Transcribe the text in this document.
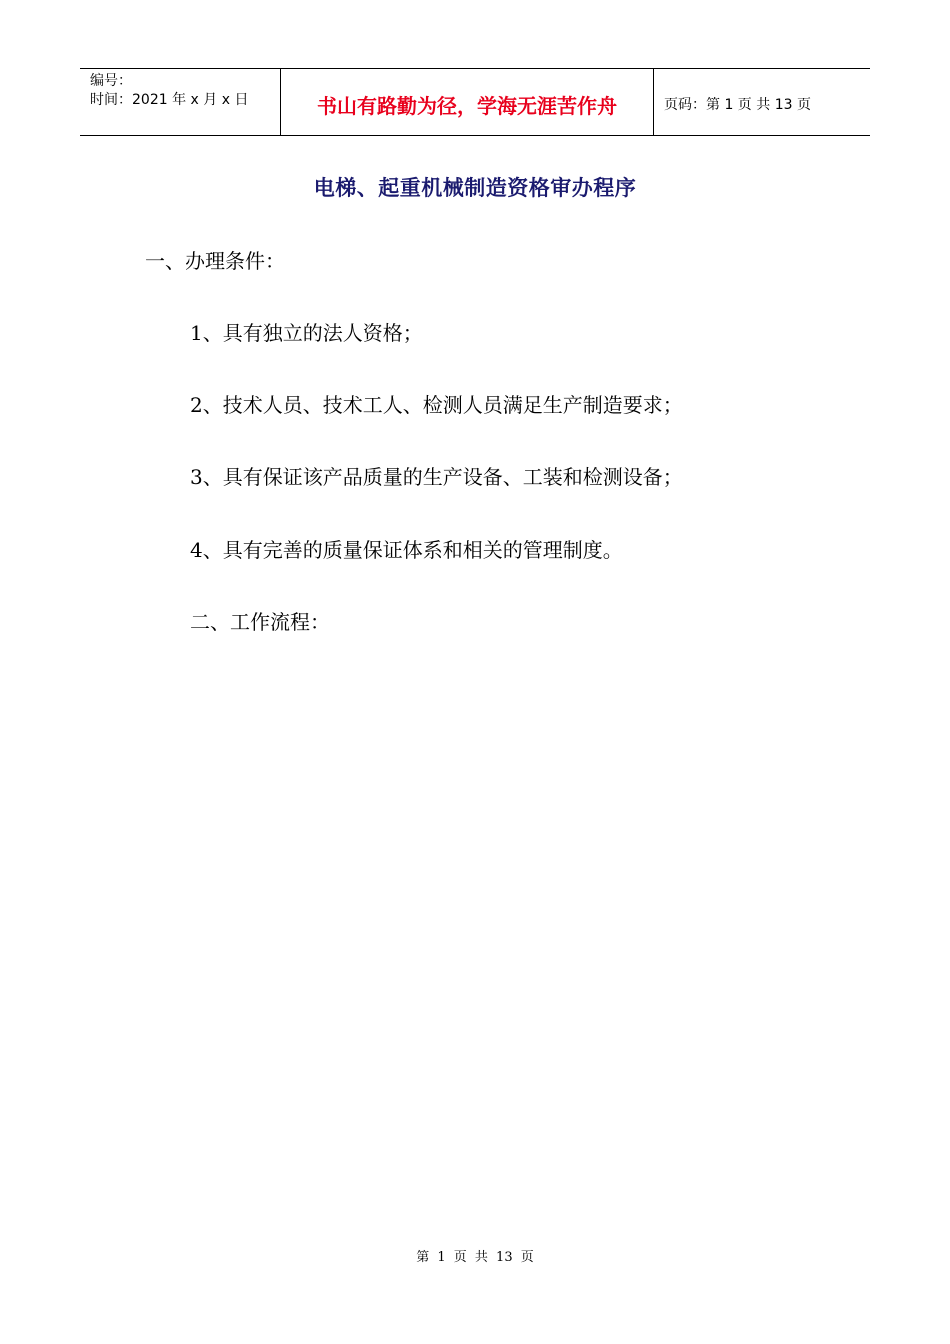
编号：
时间：2021 年 x 月 x 日	书山有路勤为径，学海无涯苦作舟	页码：第 1 页 共 13 页
电梯、起重机械制造资格审办程序
一、办理条件：
1、具有独立的法人资格；
2、技术人员、技术工人、检测人员满足生产制造要求；
3、具有保证该产品质量的生产设备、工装和检测设备；
4、具有完善的质量保证体系和相关的管理制度。
二、工作流程：
第 1 页 共 13 页
